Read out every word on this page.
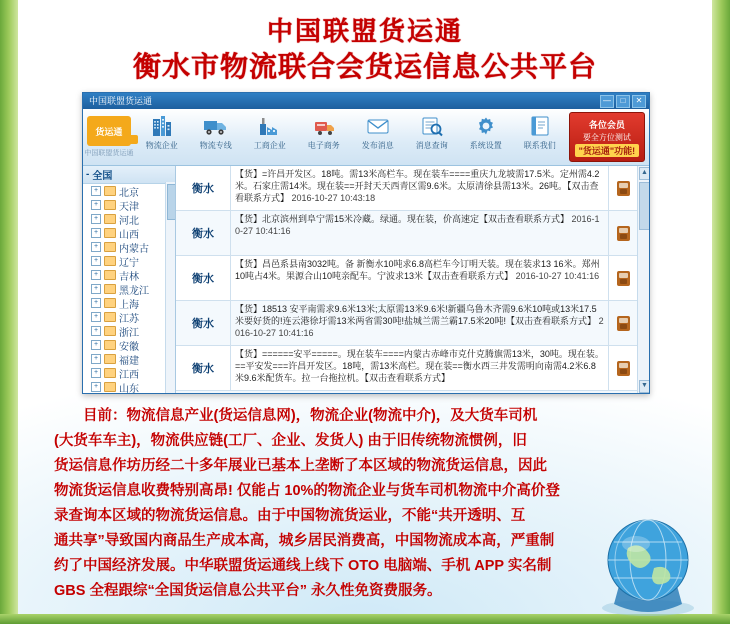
中国联盟货运通
衡水市物流联合会货运信息公共平台
中国联盟货运通	—	□	✕
货运通
中国联盟货运通
物流企业	物流专线	工商企业	电子商务	发布消息	消息查询	系统设置	联系我们
各位会员
要全方位测试
"货运通"功能!
- 全国
+ 北京
+ 天津
+ 河北
+ 山西
+ 内蒙古
+ 辽宁
+ 吉林
+ 黑龙江
+ 上海
+ 江苏
+ 浙江
+ 安徽
+ 福建
+ 江西
+ 山东
衡水
【货】=许昌开发区。18吨。需13米高栏车。现在装车====重庆九龙坡需17.5米。定州需4.2米。石家庄需14米。现在装==开封天天西青区需9.6米。太原清徐县需13米。26吨。【双击查看联系方式】 2016-10-27 10:43:18
衡水
【货】北京滨州到阜宁需15米冷藏。绿通。现在装，价高速定【双击查看联系方式】 2016-10-27 10:41:16
衡水
【货】昌邑系县南3032吨。备 新衡水10吨求6.8高栏车今订明天装。现在装求13 16米。郑州10吨占4米。果源合山10吨亲配车。宁波求13米【双击查看联系方式】 2016-10-27 10:41:16
衡水
【货】18513 安平南需求9.6米13米;太原需13米9.6米!新疆乌鲁木齐需9.6米10吨或13米17.5米要好货的!连云港徐圩需13米两省需30吨!盐城兰需兰霸17.5米20吨!【双击查看联系方式】 2016-10-27 10:41:16
衡水
【货】======安平=====。现在装车====内蒙古赤峰市克什克腾旗需13米，30吨。现在装。==平安发===许昌开发区。18吨，需13米高栏。现在装==衡水西三井发需明向南需4.2米6.8米9.6米配货车。拉一台拖拉机。【双击查看联系方式】
▲
▼

目前：物流信息产业(货运信息网)，物流企业(物流中介)，及大货车司机

(大货车车主)，物流供应链(工厂、企业、发货人) 由于旧传统物流惯例，旧

货运信息作坊历经二十多年展业已基本上垄断了本区域的物流货运信息，因此

物流货运信息收费特别高昂! 仅能占 10%的物流企业与货车司机物流中介高价登

录查询本区域的物流货运信息。由于中国物流货运业，不能“共开透明、互

通共享”导致国内商品生产成本高，城乡居民消费高，中国物流成本高，严重制

约了中国经济发展。中华联盟货运通线上线下 OTO 电脑端、手机 APP 实名制

GBS 全程跟综“全国货运信息公共平台” 永久性免资费服务。
